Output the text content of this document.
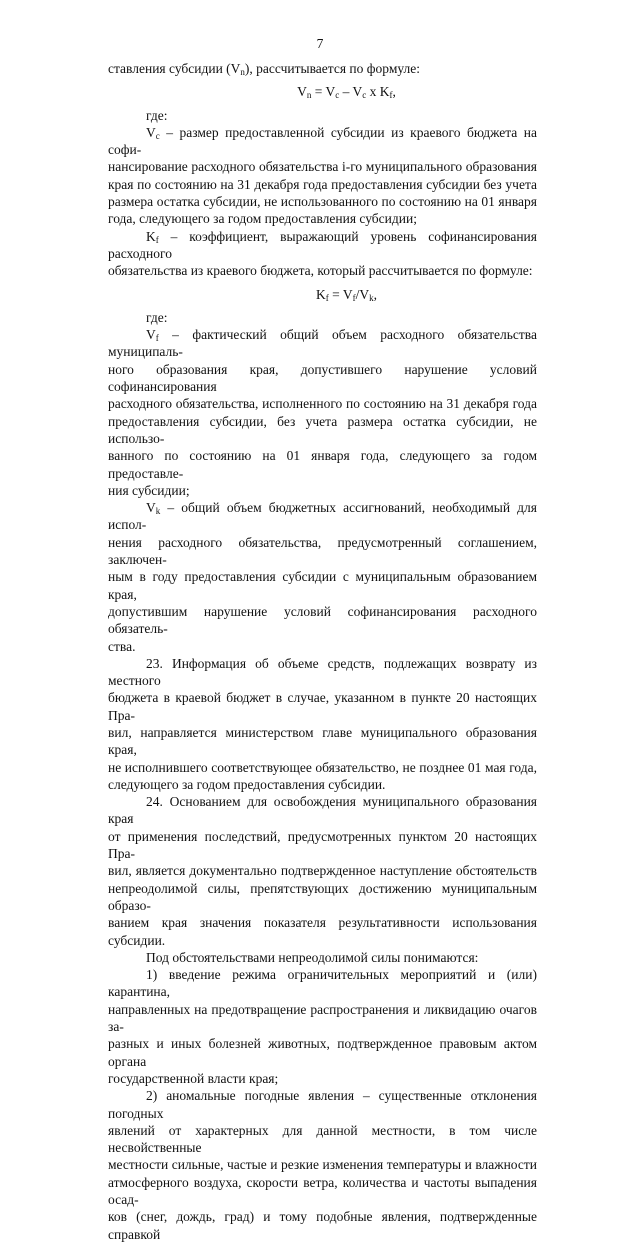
7

ставления субсидии $(V_n)$, рассчитывается по формуле:

$V_n = V_c - V_c$ x $K_f$,

где:

$V_c$ – размер предоставленной субсидии из краевого бюджета на софи-

нансирование расходного обязательства i-го муниципального образования

края по состоянию на 31 декабря года предоставления субсидии без учета

размера остатка субсидии, не использованного по состоянию на 01 января

года, следующего за годом предоставления субсидии;

$K_f$ – коэффициент, выражающий уровень софинансирования расходного

обязательства из краевого бюджета, который рассчитывается по формуле:

$K_f = V_f/V_k$,

где:

$V_f$ – фактический общий объем расходного обязательства муниципаль-

ного образования края, допустившего нарушение условий софинансирования

расходного обязательства, исполненного по состоянию на 31 декабря года

предоставления субсидии, без учета размера остатка субсидии, не использо-

ванного по состоянию на 01 января года, следующего за годом предоставле-

ния субсидии;

$V_k$ – общий объем бюджетных ассигнований, необходимый для испол-

нения расходного обязательства, предусмотренный соглашением, заключен-

ным в году предоставления субсидии с муниципальным образованием края,

допустившим нарушение условий софинансирования расходного обязатель-

ства.

23. Информация об объеме средств, подлежащих возврату из местного

бюджета в краевой бюджет в случае, указанном в пункте 20 настоящих Пра-

вил, направляется министерством главе муниципального образования края,

не исполнившего соответствующее обязательство, не позднее 01 мая года,

следующего за годом предоставления субсидии.

24. Основанием для освобождения муниципального образования края

от применения последствий, предусмотренных пунктом 20 настоящих Пра-

вил, является документально подтвержденное наступление обстоятельств

непреодолимой силы, препятствующих достижению муниципальным образо-

ванием края значения показателя результативности использования субсидии.

Под обстоятельствами непреодолимой силы понимаются:

1) введение режима ограничительных мероприятий и (или) карантина,

направленных на предотвращение распространения и ликвидацию очагов за-

разных и иных болезней животных, подтвержденное правовым актом органа

государственной власти края;

2) аномальные погодные явления – существенные отклонения погодных

явлений от характерных для данной местности, в том числе несвойственные

местности сильные, частые и резкие изменения температуры и влажности

атмосферного воздуха, скорости ветра, количества и частоты выпадения осад-

ков (снег, дождь, град) и тому подобные явления, подтвержденные справкой
